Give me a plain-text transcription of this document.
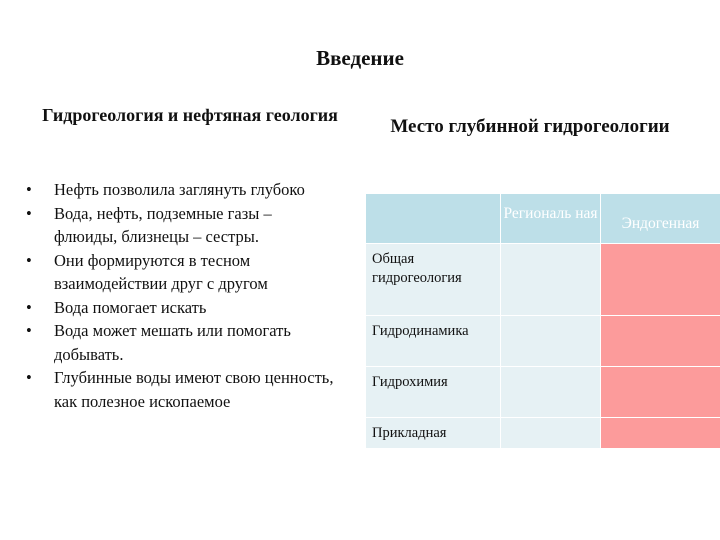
Введение
Гидрогеология и нефтяная геология
Место глубинной гидрогеологии
• Нефть позволила заглянуть глубоко
• Вода, нефть, подземные газы – флюиды, близнецы – сестры.
• Они формируются в тесном взаимодействии друг с другом
• Вода помогает искать
• Вода может мешать или помогать добывать.
• Глубинные воды имеют свою ценность, как полезное ископаемое
Региональ ная
Эндогенная
Общая гидрогеология
Гидродинамика
Гидрохимия
Прикладная
